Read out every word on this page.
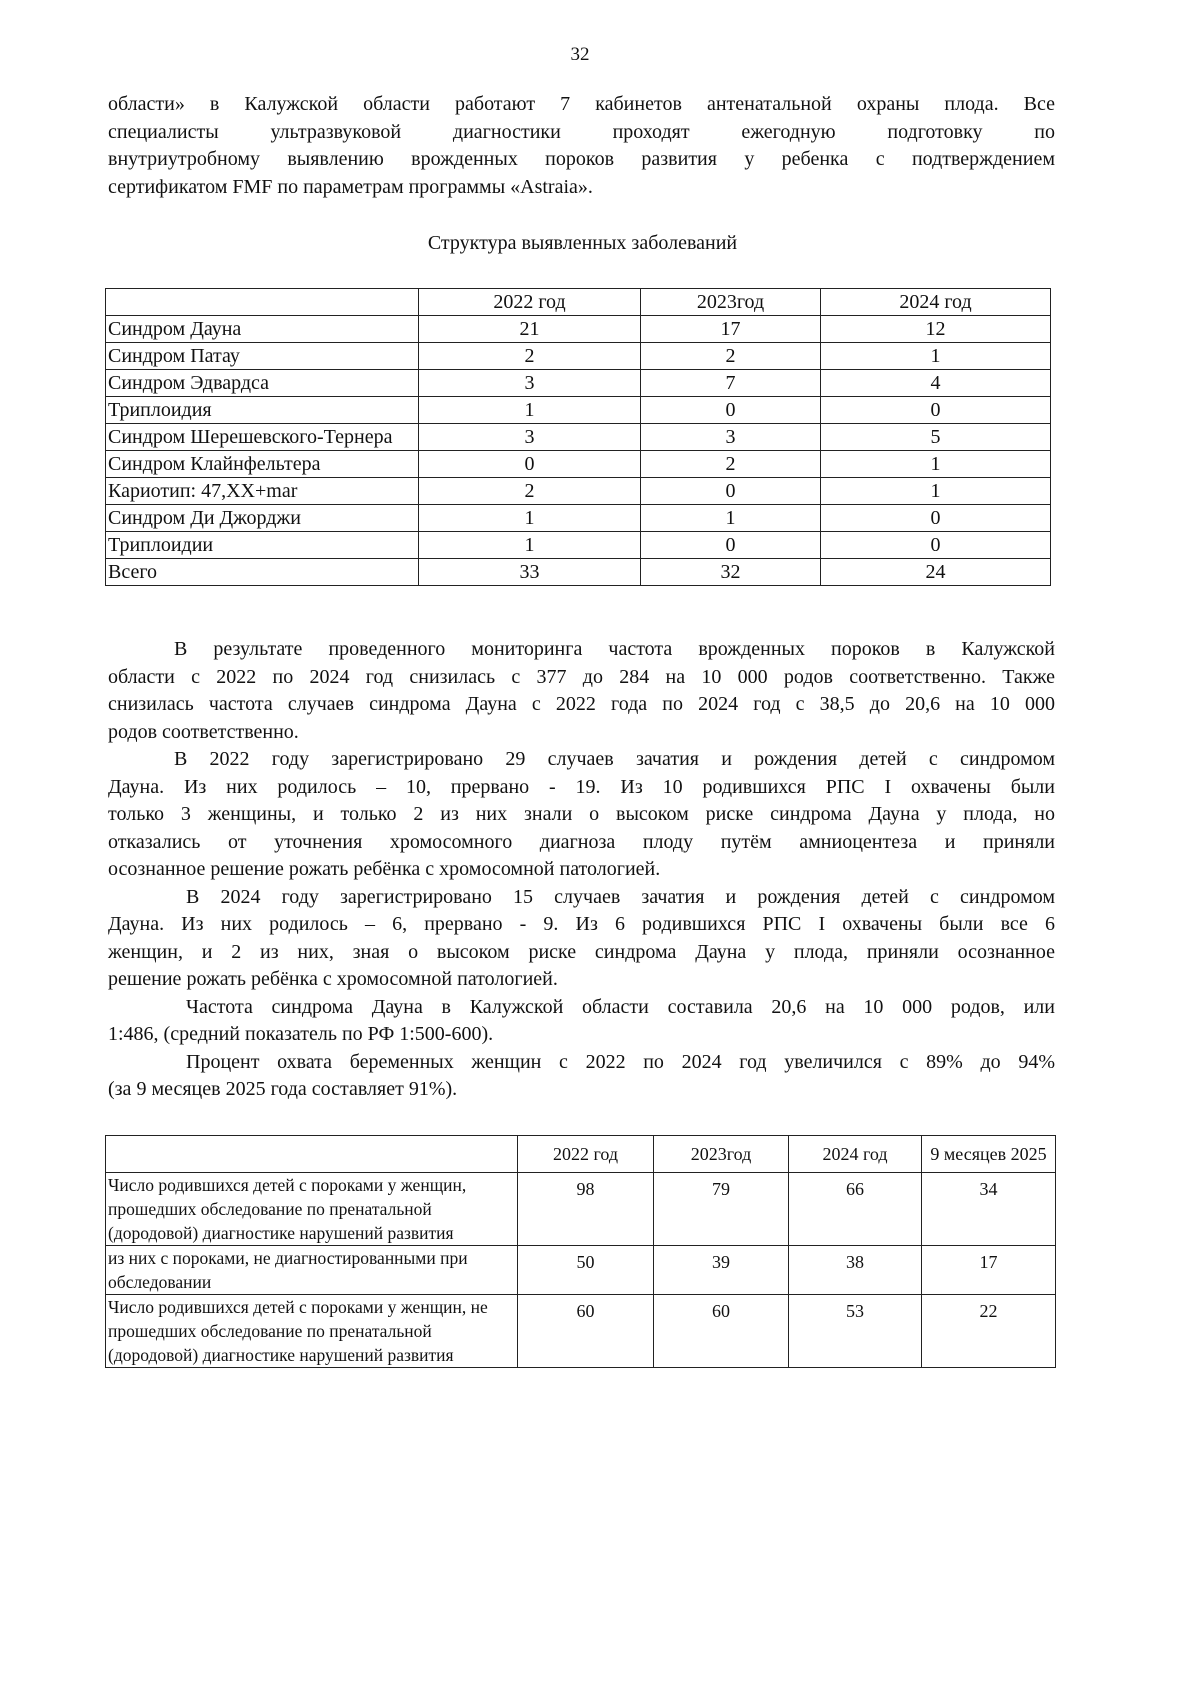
32
области» в Калужской области работают 7 кабинетов антенатальной охраны плода. Все
специалисты ультразвуковой диагностики проходят ежегодную подготовку по
внутриутробному выявлению врожденных пороков развития у ребенка с подтверждением
сертификатом FMF по параметрам программы «Astraia».
Структура выявленных заболеваний
	2022 год	2023год	2024 год
Синдром Дауна	21	17	12
Синдром Патау	2	2	1
Синдром Эдвардса	3	7	4
Триплоидия	1	0	0
Синдром Шерешевского-Тернера	3	3	5
Синдром Клайнфельтера	0	2	1
Кариотип: 47,XX+mar	2	0	1
Синдром Ди Джорджи	1	1	0
Триплоидии	1	0	0
Всего	33	32	24
В результате проведенного мониторинга частота врожденных пороков в Калужской
области с 2022 по 2024 год снизилась с 377 до 284 на 10 000 родов соответственно. Также
снизилась частота случаев синдрома Дауна с 2022 года по 2024 год с 38,5 до 20,6 на 10 000
родов соответственно.
В 2022 году зарегистрировано 29 случаев зачатия и рождения детей с синдромом
Дауна. Из них родилось – 10, прервано - 19. Из 10 родившихся РПС I охвачены были
только 3 женщины, и только 2 из них знали о высоком риске синдрома Дауна у плода, но
отказались от уточнения хромосомного диагноза плоду путём амниоцентеза и приняли
осознанное решение рожать ребёнка с хромосомной патологией.
В 2024 году зарегистрировано 15 случаев зачатия и рождения детей с синдромом
Дауна. Из них родилось – 6, прервано - 9. Из 6 родившихся РПС I охвачены были все 6
женщин, и 2 из них, зная о высоком риске синдрома Дауна у плода, приняли осознанное
решение рожать ребёнка с хромосомной патологией.
Частота синдрома Дауна в Калужской области составила 20,6 на 10 000 родов, или
1:486, (средний показатель по РФ 1:500-600).
Процент охвата беременных женщин с 2022 по 2024 год увеличился с 89% до 94%
(за 9 месяцев 2025 года составляет 91%).
	2022 год	2023год	2024 год	9 месяцев 2025
Число родившихся детей с пороками у женщин, прошедших обследование по пренатальной (дородовой) диагностике нарушений развития	98	79	66	34
из них с пороками, не диагностированными при обследовании	50	39	38	17
Число родившихся детей с пороками у женщин, не прошедших обследование по пренатальной (дородовой) диагностике нарушений развития	60	60	53	22
